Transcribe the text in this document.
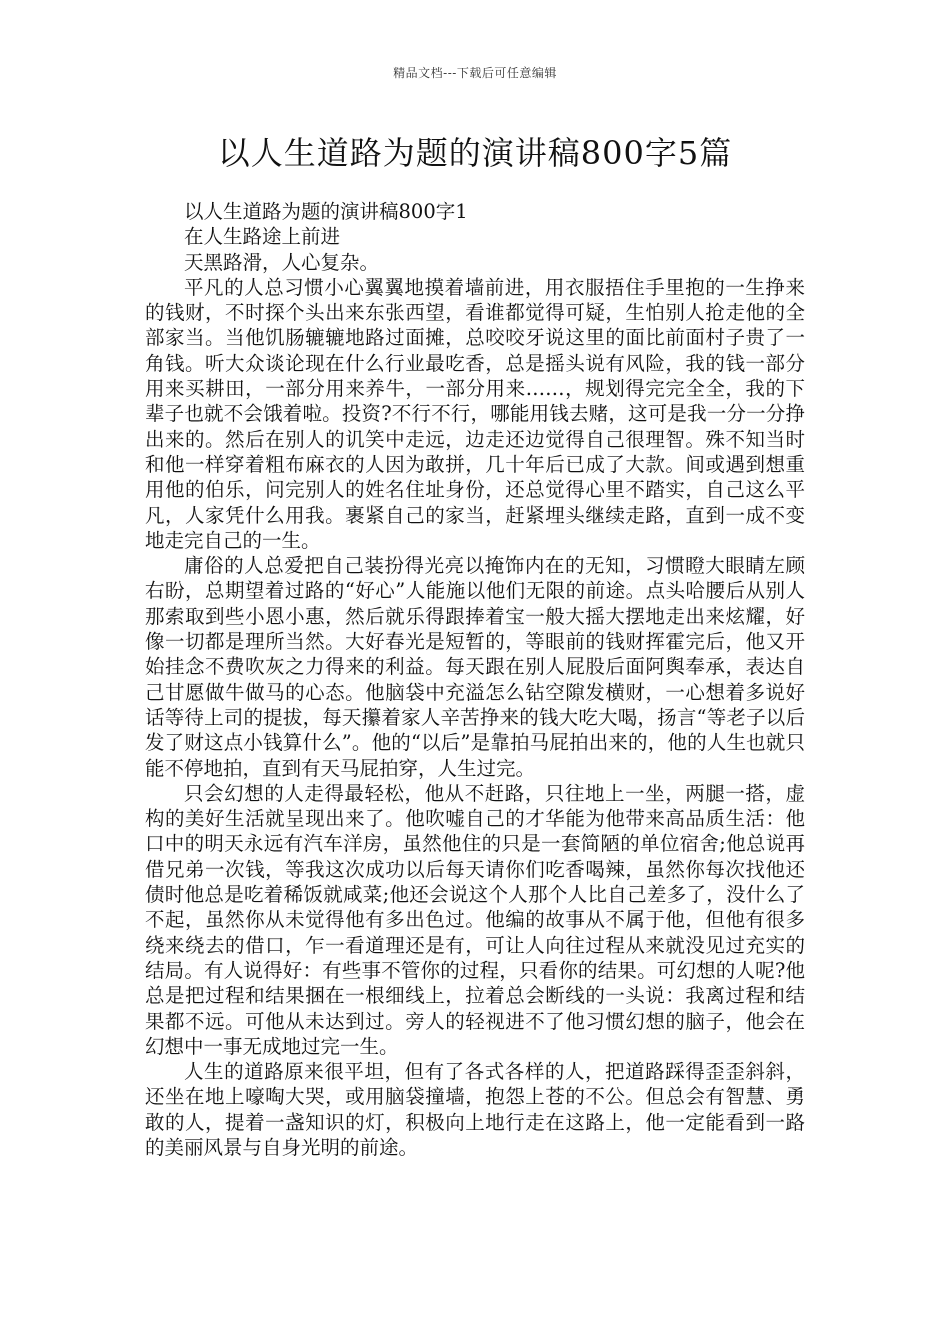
精品文档---下载后可任意编辑
以人生道路为题的演讲稿800字5篇

以人生道路为题的演讲稿800字1

在人生路途上前进

天黑路滑，人心复杂。

平凡的人总习惯小心翼翼地摸着墙前进，用衣服捂住手里抱的一生挣来的钱财，不时探个头出来东张西望，看谁都觉得可疑，生怕别人抢走他的全部家当。当他饥肠辘辘地路过面摊，总咬咬牙说这里的面比前面村子贵了一角钱。听大众谈论现在什么行业最吃香，总是摇头说有风险，我的钱一部分用来买耕田，一部分用来养牛，一部分用来……，规划得完完全全，我的下辈子也就不会饿着啦。投资?不行不行，哪能用钱去赌，这可是我一分一分挣出来的。然后在别人的讥笑中走远，边走还边觉得自己很理智。殊不知当时和他一样穿着粗布麻衣的人因为敢拼，几十年后已成了大款。间或遇到想重用他的伯乐，问完别人的姓名住址身份，还总觉得心里不踏实，自己这么平凡，人家凭什么用我。裹紧自己的家当，赶紧埋头继续走路，直到一成不变地走完自己的一生。

庸俗的人总爱把自己装扮得光亮以掩饰内在的无知，习惯瞪大眼睛左顾右盼，总期望着过路的“好心”人能施以他们无限的前途。点头哈腰后从别人那索取到些小恩小惠，然后就乐得跟捧着宝一般大摇大摆地走出来炫耀，好像一切都是理所当然。大好春光是短暂的，等眼前的钱财挥霍完后，他又开始挂念不费吹灰之力得来的利益。每天跟在别人屁股后面阿舆奉承，表达自己甘愿做牛做马的心态。他脑袋中充溢怎么钻空隙发横财，一心想着多说好话等待上司的提拔，每天攥着家人辛苦挣来的钱大吃大喝，扬言“等老子以后发了财这点小钱算什么”。他的“以后”是靠拍马屁拍出来的，他的人生也就只能不停地拍，直到有天马屁拍穿，人生过完。

只会幻想的人走得最轻松，他从不赶路，只往地上一坐，两腿一搭，虚构的美好生活就呈现出来了。他吹嘘自己的才华能为他带来高品质生活：他口中的明天永远有汽车洋房，虽然他住的只是一套简陋的单位宿舍;他总说再借兄弟一次钱，等我这次成功以后每天请你们吃香喝辣，虽然你每次找他还债时他总是吃着稀饭就咸菜;他还会说这个人那个人比自己差多了，没什么了不起，虽然你从未觉得他有多出色过。他编的故事从不属于他，但他有很多绕来绕去的借口，乍一看道理还是有，可让人向往过程从来就没见过充实的结局。有人说得好：有些事不管你的过程，只看你的结果。可幻想的人呢?他总是把过程和结果捆在一根细线上，拉着总会断线的一头说：我离过程和结果都不远。可他从未达到过。旁人的轻视进不了他习惯幻想的脑子，他会在幻想中一事无成地过完一生。

人生的道路原来很平坦，但有了各式各样的人，把道路踩得歪歪斜斜，还坐在地上嚎啕大哭，或用脑袋撞墙，抱怨上苍的不公。但总会有智慧、勇敢的人，提着一盏知识的灯，积极向上地行走在这路上，他一定能看到一路的美丽风景与自身光明的前途。
